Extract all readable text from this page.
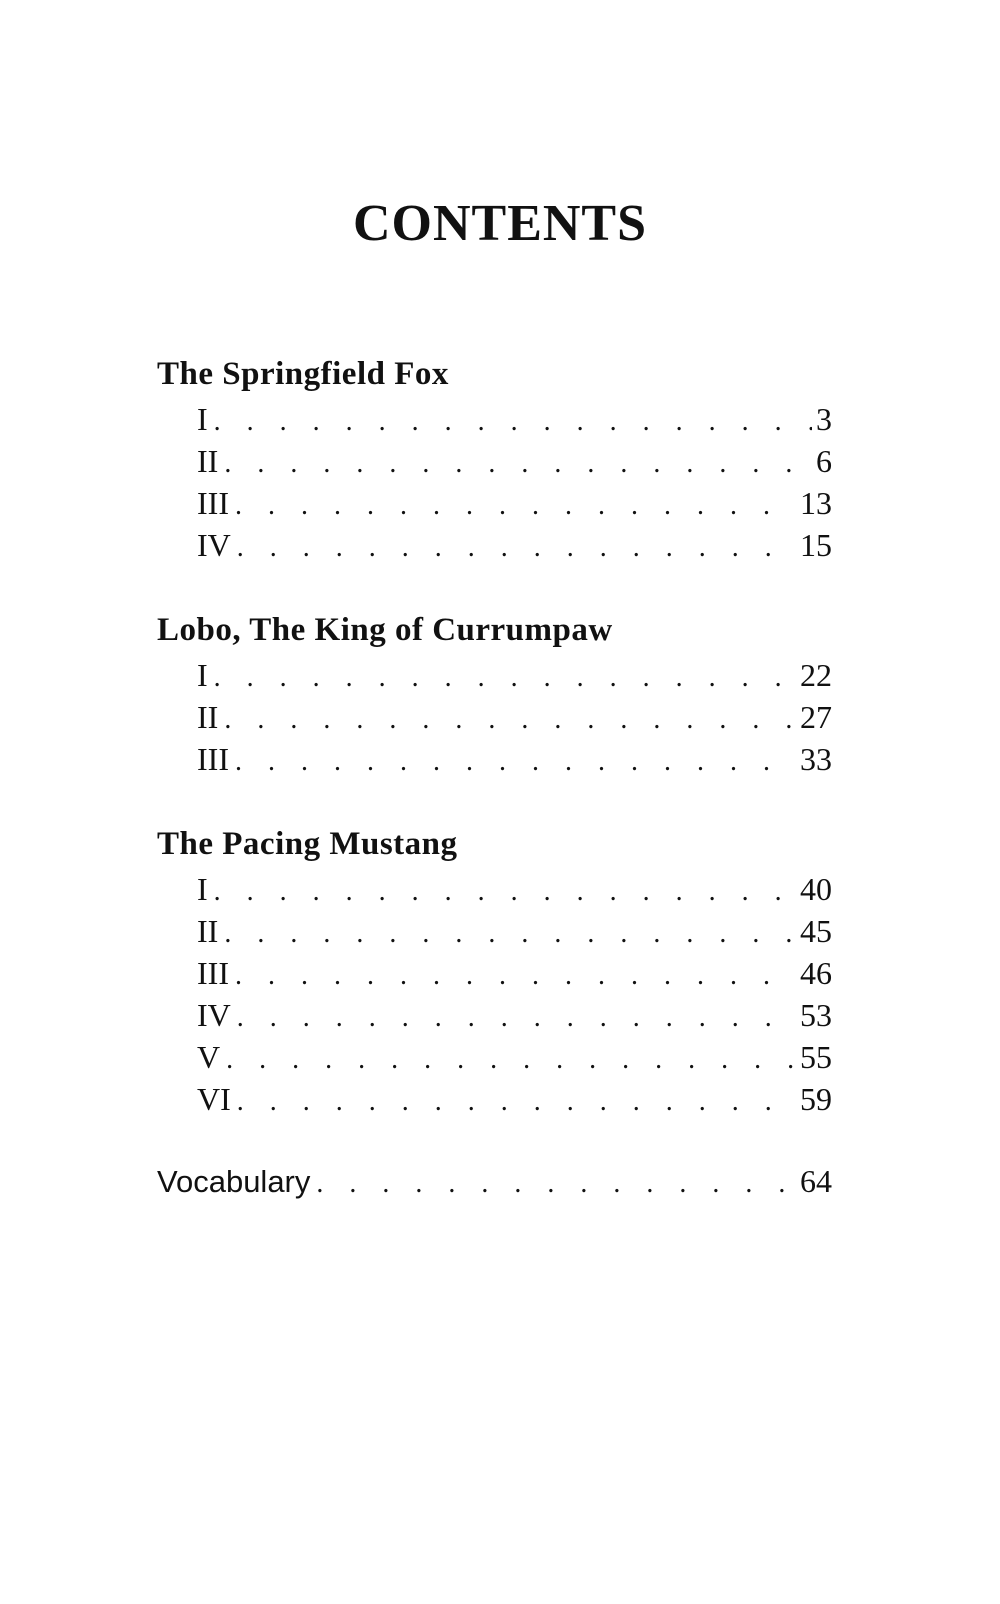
CONTENTS
The Springfield Fox
I . . .	3
II . . .	6
III . . .	13
IV . . .	15
Lobo, The King of Currumpaw
I . . .	22
II . . .	27
III . . .	33
The Pacing Mustang
I . . .	40
II . . .	45
III . . .	46
IV . . .	53
V . . .	55
VI . . .	59
Vocabulary . . .	64
